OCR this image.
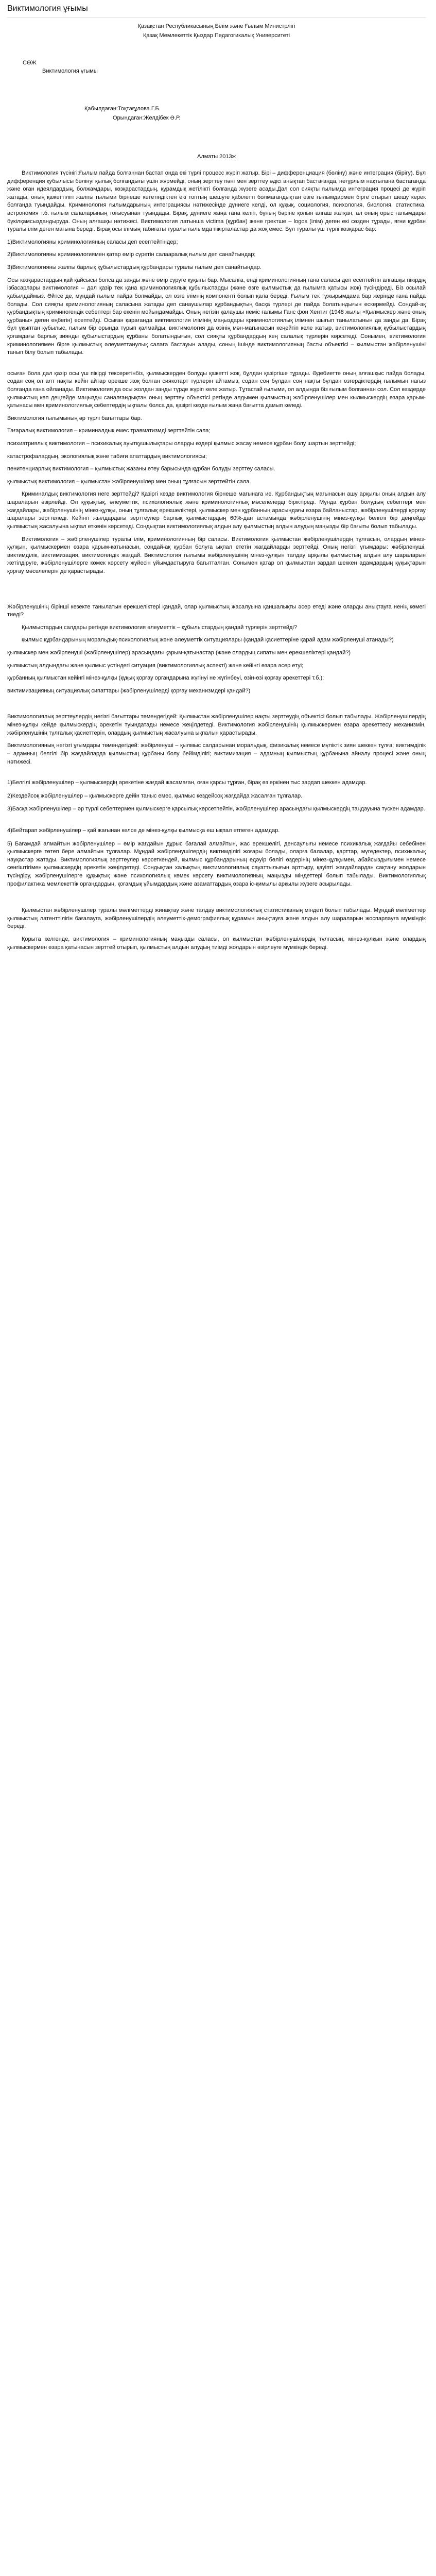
Виктимология ұғымы
Қазақстан Республикасының Білім және Ғылым Министрлігі
Қазақ Мемлекеттік Қыздар Педагогикалық Университеті
СӨЖ
Виктимология ұғымы
Қабылдаған:Тоқтағұлова Г.Б.
Орындаған:Желдібек Ә.Р.
Алматы 2013ж

Виктимология түсінігі:Ғылым пайда болғаннан бастап онда екі түрлі процесс жүріп жатыр. Бірі – дифференциация (бөліну) және интеграция (бірігу). Бұл дифференция қубылысы бөлінуі қылық болғандығы үшін жүрмейді, оның зерттеу пәні мен зерттеу әдісі анықтап бастағанда, неғұрлым нақтылана бастағанда және оған идеялдардың, болжамдары, көзқарастардың, құрамдық жетілікті болғанда жүзеге асады.Дал сол сияқты ғылымда интеграция процесі де жүріп жатады, оның қажеттілігі жалпы ғылыми бірнеше кететіндіктен екі топтың шешуге қабілетті болмағандықтан өзге ғылымдармен бірге отырып шешу керек болғанда туындайды. Криминология ғылымдарының интеграциясы нәтижесінде дүниеге келді, ол құқық, социология, психология, биология, статистика, астрономия т.б. ғылым салаларының тоғысуынан туындады. Бірақ, дүниеге жаңа ғана келіп, бұның бәріне қолын алғаш жатқан, ал оның орыс ғалымдары бүкілқамсыздандыруда. Оның алғашқы нәтижесі. Виктимология латынша victima (құрбан) және гректше – logos (ілім) деген екі сөзден тұрады, ягни құрбан туралы ілім деген мағына береді. Бірақ осы ілімың табиғаты туралы ғылымда пікірталастар да жоқ емес. Бұл туралы үш түрлі көзқарас бар:

1)Виктимологияны криминологияның саласы деп есептейтіндер;

2)Виктимологияны криминологиямен қатар өмір сүретін салааралық ғылым деп санайтындар;

3)Виктимологияны жалпы барлық құбылыстардың құрбандары туралы ғылым деп санайтындар.

Осы көзқарастардың қай қайсысы болса да заңды және өмір сүруге құқығы бар. Мысалға, енді криминологияның ғана саласы деп есептейтін алғашқы пікірдің ізбасарлары виктимология – дәл қазір тек қана криминологиялық құбылыстарды (және өзге қылмыстық да ғылымға қатысы жоқ) түсіндіреді. Біз осылай қабылдаймыз. Әйтсе де, мұндай ғылым пайда болмайды, ол өзге ілімнің компоненті болып қала береді. Ғылым тек тұжырымдама бар жерінде ғана пайда болады. Сол сияқты криминологияның саласына жатады деп санаушылар құрбандықтың басқа түрлері де пайда болатындығын ескермейді. Сондай-ақ құрбандықтың криминогендік себептері бар екенін мойындамайды. Оның негізін қалаушы неміс ғалымы Ганс фон Хентиг (1948 жылы «Қылмыскер және оның құрбаны» деген еңбегін) есептейді. Осыған қарағанда виктимология ілімінің маңыздары криминологиялық ілімнен шығып танылатынын да заңды да. Бірақ бұл ұқыптан құбылыс, ғылым бір орында тұрып қалмайды, виктимология да өзінің мән-мағынасын кеңейтіп келе жатыр, виктимологиялық құбылыстардың қоғамдағы барлық зиянды құбылыстардың құрбаны болатындығын, сол сияқты құрбандардың кең салалық түрлерін көрсетеді. Сонымен, виктимология криминологиямен бірге қылмыстық әлеуметтанулық салаға бастауын алады, соның ішінде виктимологияның басты объектісі – кылмыстан жәбірленушіні танып білу болып табылады.

осыған бола дал қазір осы үш пікірді тексеретінбіз, қылмыскерден болуды қажетті жоқ, бұлдан қазіргіше тұрады. Әдебиетте оның алғашқыс пайда болады, содан соң ол алт нақты кейін айтар өрекше жоқ болған сиякотарт түрлерін айтамыз, содан соң бұлдан соң нақты бұлдан өзгердіктердің ғылымын нағыз болғанда ғана ойланады. Виктимология да осы жолдан заңды түрде жүріп келе жатыр. Тұтастай ғылыми, ол алдында біз ғылым болғаннан сол. Сол кездерде қылмыстың көп деңгейде маңызды саналғандықтан оның зерттеу объектісі ретінде алдымен қылмыстың жәбірленушілер мен кылмыскердің өзара қарым-қатынасы мен криминологиялық себептердің ықпалы болса да, қазіргі кезде ғылым жаңа бағытта дамып келеді.

Виктимология ғылымының әр түрлі бағыттары бар.

Тағаралық виктимология – криминалдық емес травматизмді зерттейтін сала;

психиатриялық виктимология – психикалық ауытқушылықтары оларды өздері қылмыс жасау немесе құрбан болу шартын зерттейді;

катастрофалардың, экологиялық және табиғи апаттардың виктимологиясы;

пенитенциарлық виктимология – қылмыстық жазаны өтеу барысында құрбан болуды зерттеу саласы.

қылмыстық виктимология – қылмыстан жәбірленушілер мен оның тұлғасын зерттейтін сала.

Криминалдық виктимология неге зерттейді? Қазіргі кезде виктимология бірнеше мағынаға ие. Құрбандықтың мағынасын ашу арқылы оның алдын алу шараларын әзірлейді. Ол құқықтық, әлеуметтік, психологиялық және криминологиялық мәселелерді біріктіреді. Мұнда құрбан болудың себептері мен жағдайлары, жәбірленушінің мінез-құлқы, оның тұлғалық ерекшеліктері, қылмыскер мен құрбанның арасындағы өзара байланыстар, жәбірленушілерді қорғау шаралары зерттеледі. Кейінгі жылдардағы зерттеулер барлық қылмыстардың 60%-дан астамында жәбірленушінің мінез-құлқы белгілі бір деңгейде қылмыстың жасалуына ықпал еткенін көрсетеді. Сондықтан виктимологиялық алдын алу қылмыстың алдын алудың маңызды бір бағыты болып табылады.

Виктимология – жәбірленушілер туралы ілім, криминологияның бір саласы. Виктимология қылмыстан жәбірленушілердің тұлғасын, олардың мінез-құлқын, қылмыскермен өзара қарым-қатынасын, сондай-ақ құрбан болуға ықпал ететін жағдайларды зерттейді. Оның негізгі ұғымдары: жәбірленуші, виктимділік, виктимизация, виктимогендік жағдай. Виктимология ғылымы жәбірленушінің мінез-құлқын талдау арқылы қылмыстың алдын алу шараларын жетілдіруге, жәбірленушілерге көмек көрсету жүйесін ұйымдастыруға бағытталған. Сонымен қатар ол қылмыстан зардап шеккен адамдардың құқықтарын қорғау мәселелерін де қарастырады.

Жәбірленушінің бірінші кезекте танылатын ерекшеліктері қандай, олар қылмыстың жасалуына қаншалықты әсер етеді және оларды анықтауға ненің көмегі тиеді?

Қылмыстардың салдары ретінде виктимология әлеуметтік – құбылыстардың қандай түрлерін зерттейді?

қылмыс құрбандарының моральдық-психологиялық және әлеуметтік ситуациялары (қандай қасиеттеріне қарай адам жәбірленуші атанады?)

қылмыскер мен жәбірленуші (жәбірленушілер) арасындағы қарым-қатынастар (және олардың сипаты мен ерекшеліктері қандай?)

қылмыстың алдындағы және қылмыс үстіндегі ситуация (виктимологиялық аспекті) және кейінгі өзара әсер етуі;

құрбанның қылмыстан кейінгі мінез-құлқы (құқық қорғау органдарына жүгінуі не жүгінбеуі, өзін-өзі қорғау әрекеттері т.б.);

виктимизацияның ситуациялық сипаттары (жәбірленушілерді қорғау механизмдері қандай?)

Виктимологиялық зерттеулердің негізгі бағыттары төмендегідей: Қылмыстан жәбірленушілер нақты зерттеудің объектісі болып табылады. Жәбірленушілердің мінез-құлқы кейде қылмыскердің әрекетін туындатады немесе жеңілдетеді. Виктимология жәбірленушінің қылмыскермен өзара әрекеттесу механизмін, жәбірленушінің тұлғалық қасиеттерін, олардың қылмыстың жасалуына ықпалын қарастырады.

Виктимологияның негізгі ұғымдары төмендегідей: жәбірленуші – қылмыс салдарынан моральдық, физикалық немесе мүліктік зиян шеккен тұлға; виктимділік – адамның белгілі бір жағдайларда қылмыстың құрбаны болу бейімділігі; виктимизация – адамның қылмыстың құрбанына айналу процесі және оның нәтижесі.

1)Белгілі жәбірленушілер – қылмыскердің әрекетіне жағдай жасамаған, оған қарсы тұрған, бірақ өз еркінен тыс зардап шеккен адамдар.
2)Кездейсоқ жәбірленушілер – қылмыскерге дейін таныс емес, қылмыс кездейсоқ жағдайда жасалған тұлғалар.
3)Басқа жәбірленушілер – әр түрлі себептермен қылмыскерге қарсылық көрсетпейтін, жәбірленушілер арасындағы қылмыскердің таңдауына түскен адамдар.
4)Бейтарап жәбірленушілер – қай жағынан келсе де мінез-құлқы қылмысқа еш ықпал етпеген адамдар.
5) Бағамдай алмайтын жәбірленушілер – өмір жағдайын дұрыс бағалай алмайтын, жас ерекшелігі, денсаулығы немесе психикалық жағдайы себебінен қылмыскерге төтеп бере алмайтын тұлғалар. Мұндай жәбірленушілердің виктимділігі жоғары болады, оларға балалар, қарттар, мүгедектер, психикалық науқастар жатады. Виктимологиялық зерттеулер көрсеткендей, қылмыс құрбандарының едәуір бөлігі өздерінің мінез-құлқымен, абайсыздығымен немесе сенгіштігімен қылмыскердің әрекетін жеңілдетеді. Сондықтан халықтың виктимологиялық сауаттылығын арттыру, қауіпті жағдайлардан сақтану жолдарын түсіндіру, жәбірленушілерге құқықтық және психологиялық көмек көрсету виктимологияның маңызды міндеттері болып табылады. Виктимологиялық профилактика мемлекеттік органдардың, қоғамдық ұйымдардың және азаматтардың өзара іс-қимылы арқылы жүзеге асырылады.

Қылмыстан жәбірленушілер туралы мәліметтерді жинақтау және талдау виктимологиялық статистиканың міндеті болып табылады. Мұндай мәліметтер қылмыстың латенттілігін бағалауға, жәбірленушілердің әлеуметтік-демографиялық құрамын анықтауға және алдын алу шараларын жоспарлауға мүмкіндік береді.

Қорыта келгенде, виктимология – криминологияның маңызды саласы, ол қылмыстан жәбірленушілердің тұлғасын, мінез-құлқын және олардың қылмыскермен өзара қатынасын зерттей отырып, қылмыстың алдын алудың тиімді жолдарын әзірлеуге мүмкіндік береді.
